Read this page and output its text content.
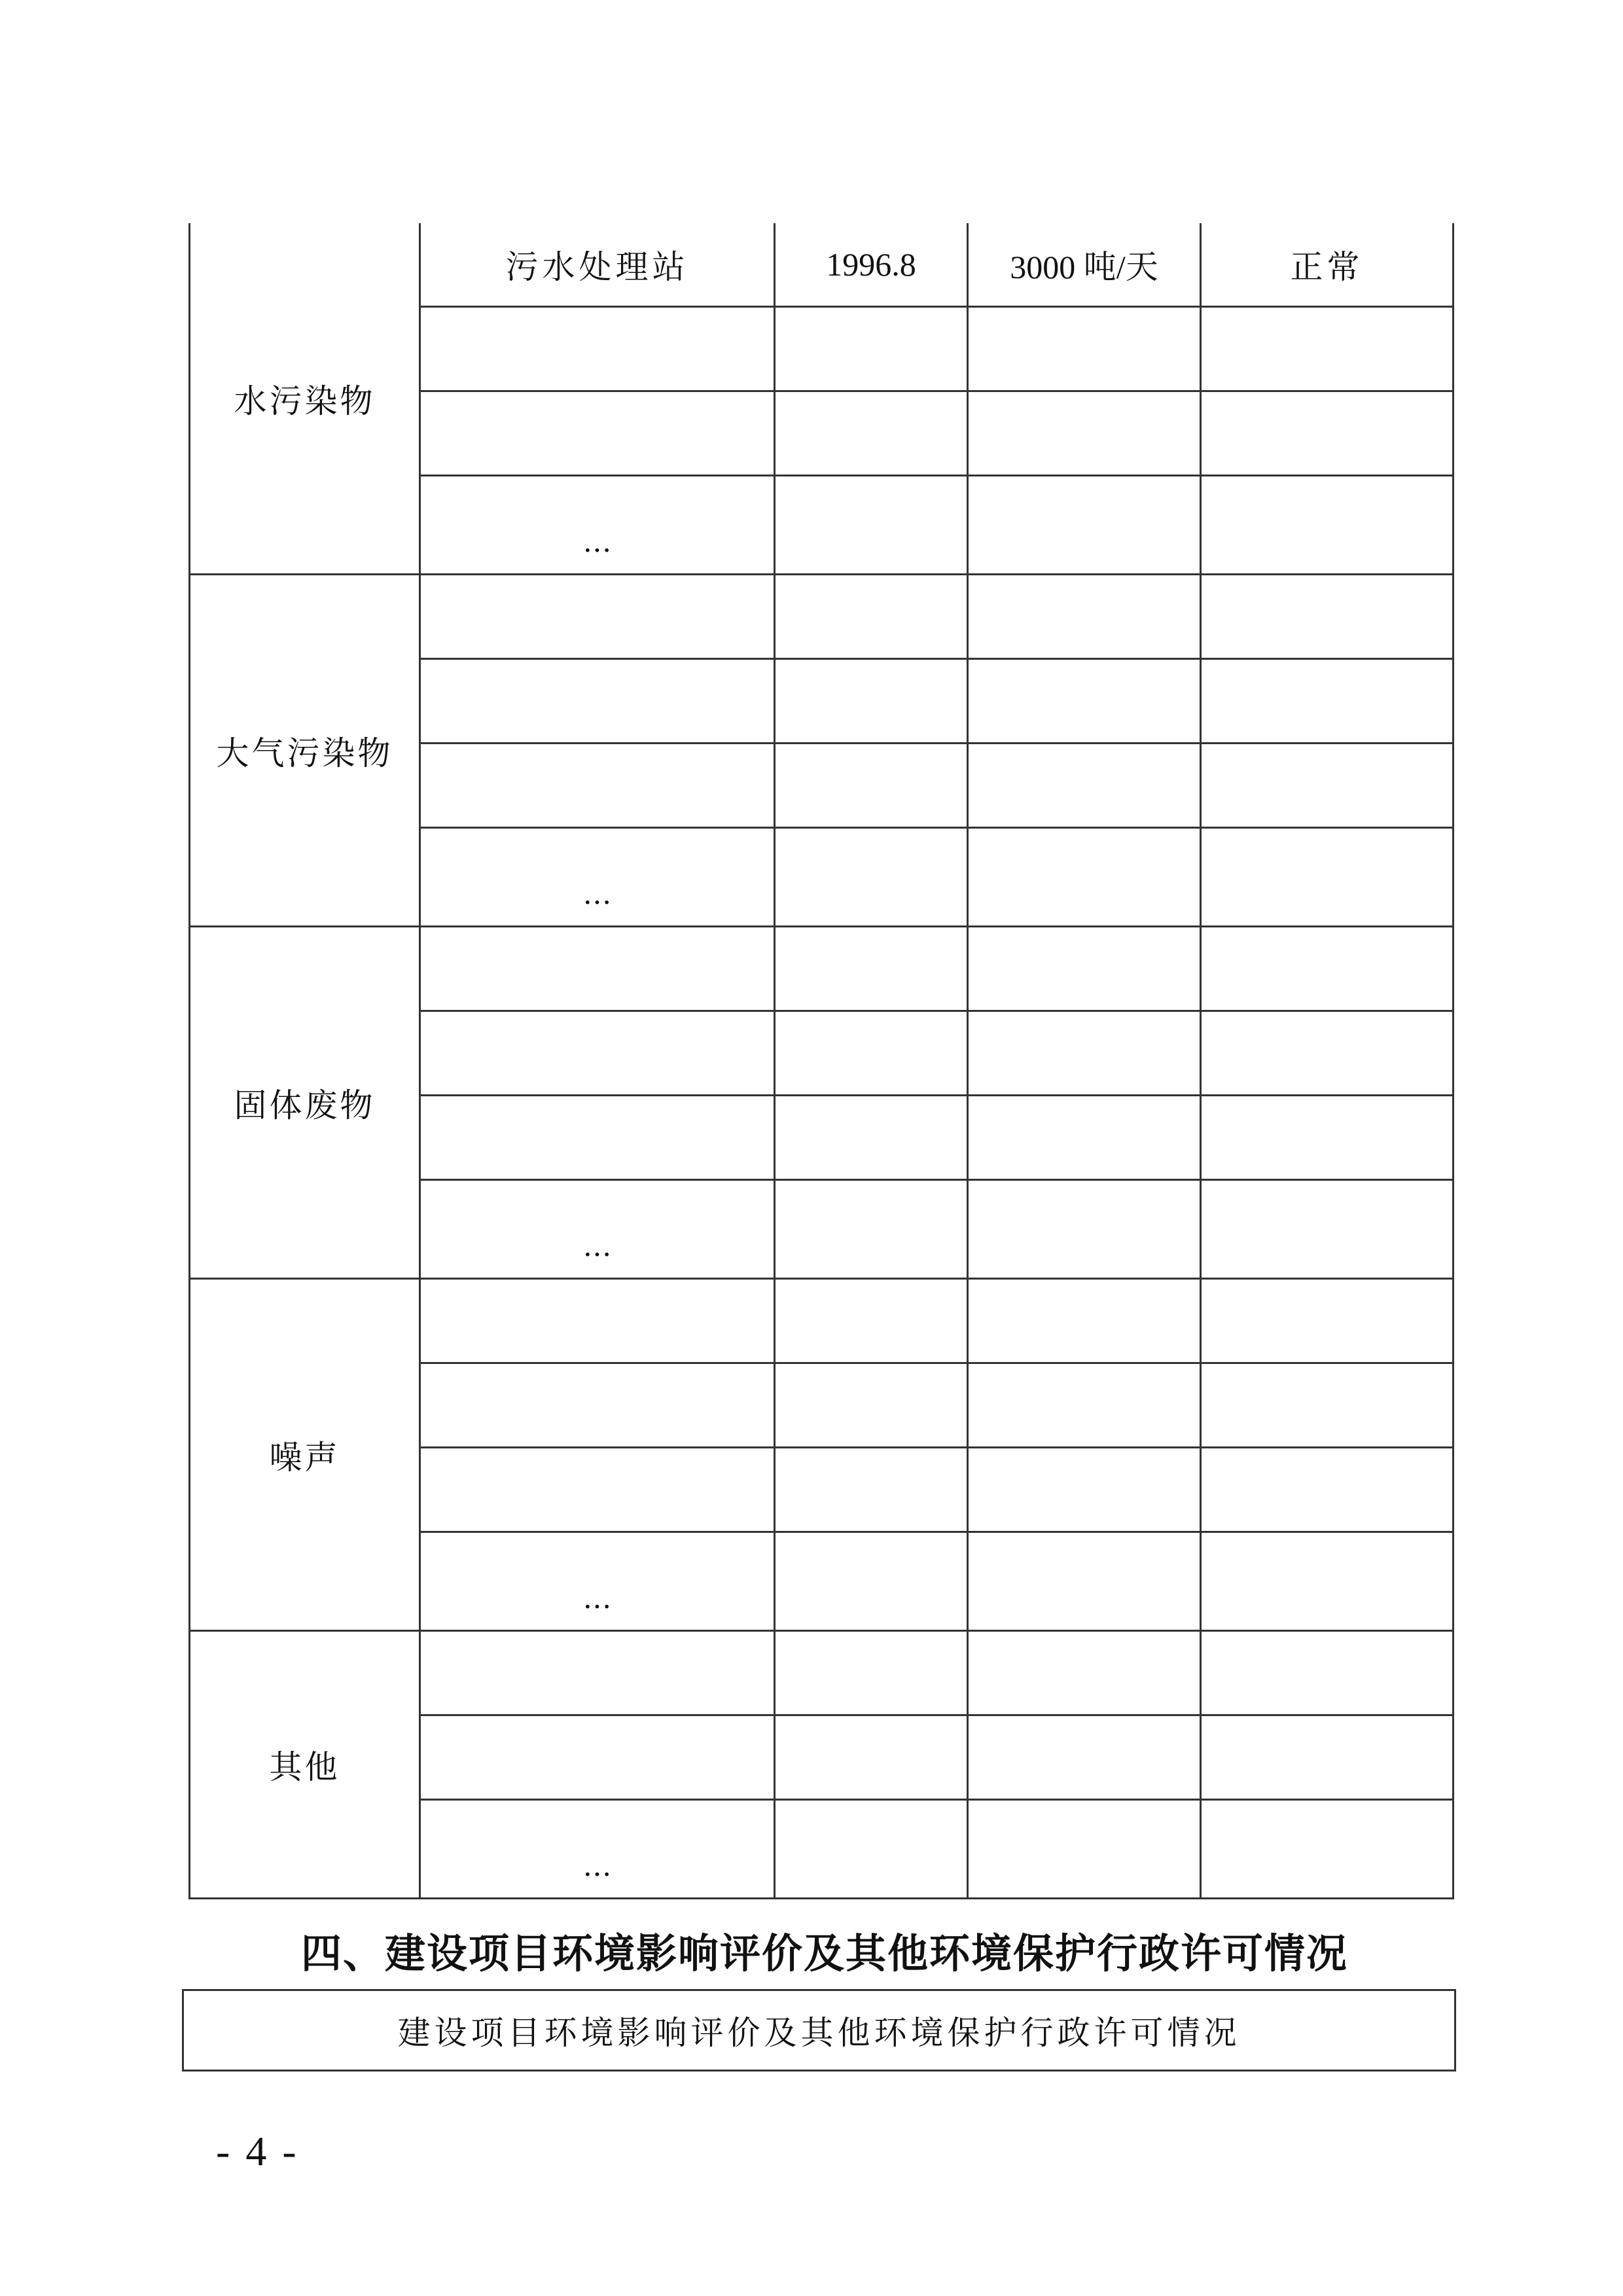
水污染物	污水处理站	1996.8	3000 吨/天	正常

	…			
大气污染物				

	…			
固体废物				

	…			
噪声				

	…			
其他				

	…			
四、建设项目环境影响评价及其他环境保护行政许可情况
建设项目环境影响评价及其他环境保护行政许可情况
- 4 -
